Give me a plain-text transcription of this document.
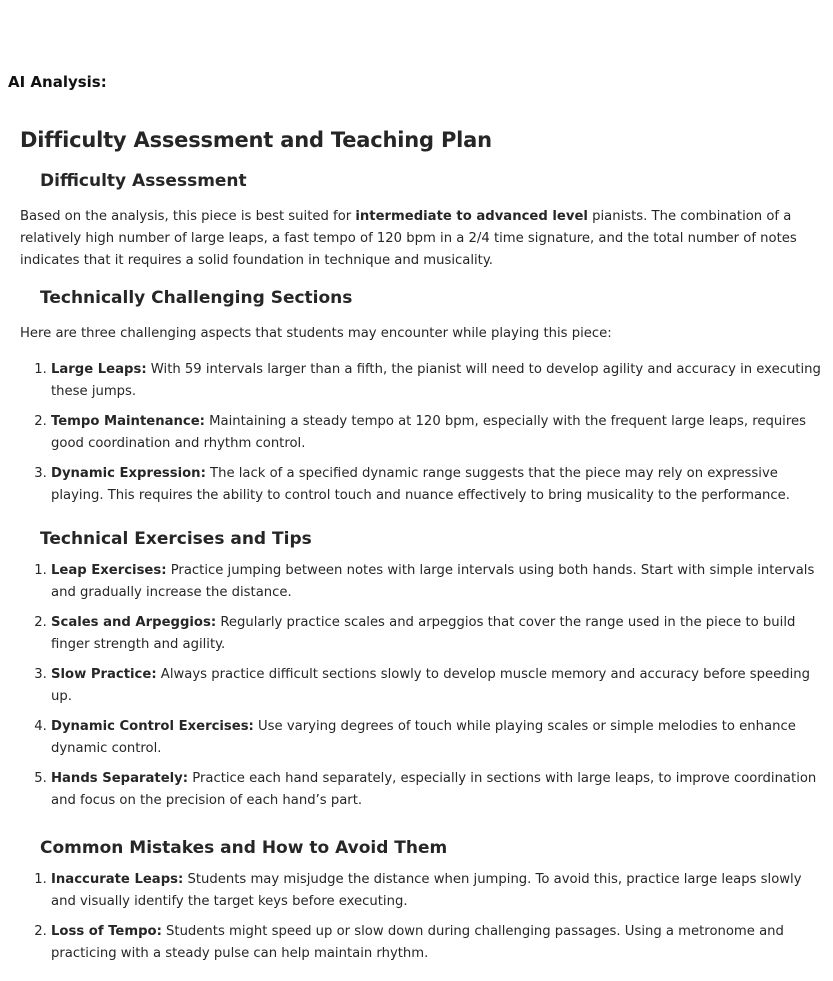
AI Analysis:
Difficulty Assessment and Teaching Plan
Difficulty Assessment

Based on the analysis, this piece is best suited for intermediate to advanced level pianists. The combination of a relatively high number of large leaps, a fast tempo of 120 bpm in a 2/4 time signature, and the total number of notes indicates that it requires a solid foundation in technique and musicality.

Technically Challenging Sections

Here are three challenging aspects that students may encounter while playing this piece:

1. Large Leaps: With 59 intervals larger than a fifth, the pianist will need to develop agility and accuracy in executing these jumps.
2. Tempo Maintenance: Maintaining a steady tempo at 120 bpm, especially with the frequent large leaps, requires good coordination and rhythm control.
3. Dynamic Expression: The lack of a specified dynamic range suggests that the piece may rely on expressive playing. This requires the ability to control touch and nuance effectively to bring musicality to the performance.
Technical Exercises and Tips
1. Leap Exercises: Practice jumping between notes with large intervals using both hands. Start with simple intervals and gradually increase the distance.
2. Scales and Arpeggios: Regularly practice scales and arpeggios that cover the range used in the piece to build finger strength and agility.
3. Slow Practice: Always practice difficult sections slowly to develop muscle memory and accuracy before speeding up.
4. Dynamic Control Exercises: Use varying degrees of touch while playing scales or simple melodies to enhance dynamic control.
5. Hands Separately: Practice each hand separately, especially in sections with large leaps, to improve coordination and focus on the precision of each hand’s part.
Common Mistakes and How to Avoid Them
1. Inaccurate Leaps: Students may misjudge the distance when jumping. To avoid this, practice large leaps slowly and visually identify the target keys before executing.
2. Loss of Tempo: Students might speed up or slow down during challenging passages. Using a metronome and practicing with a steady pulse can help maintain rhythm.
